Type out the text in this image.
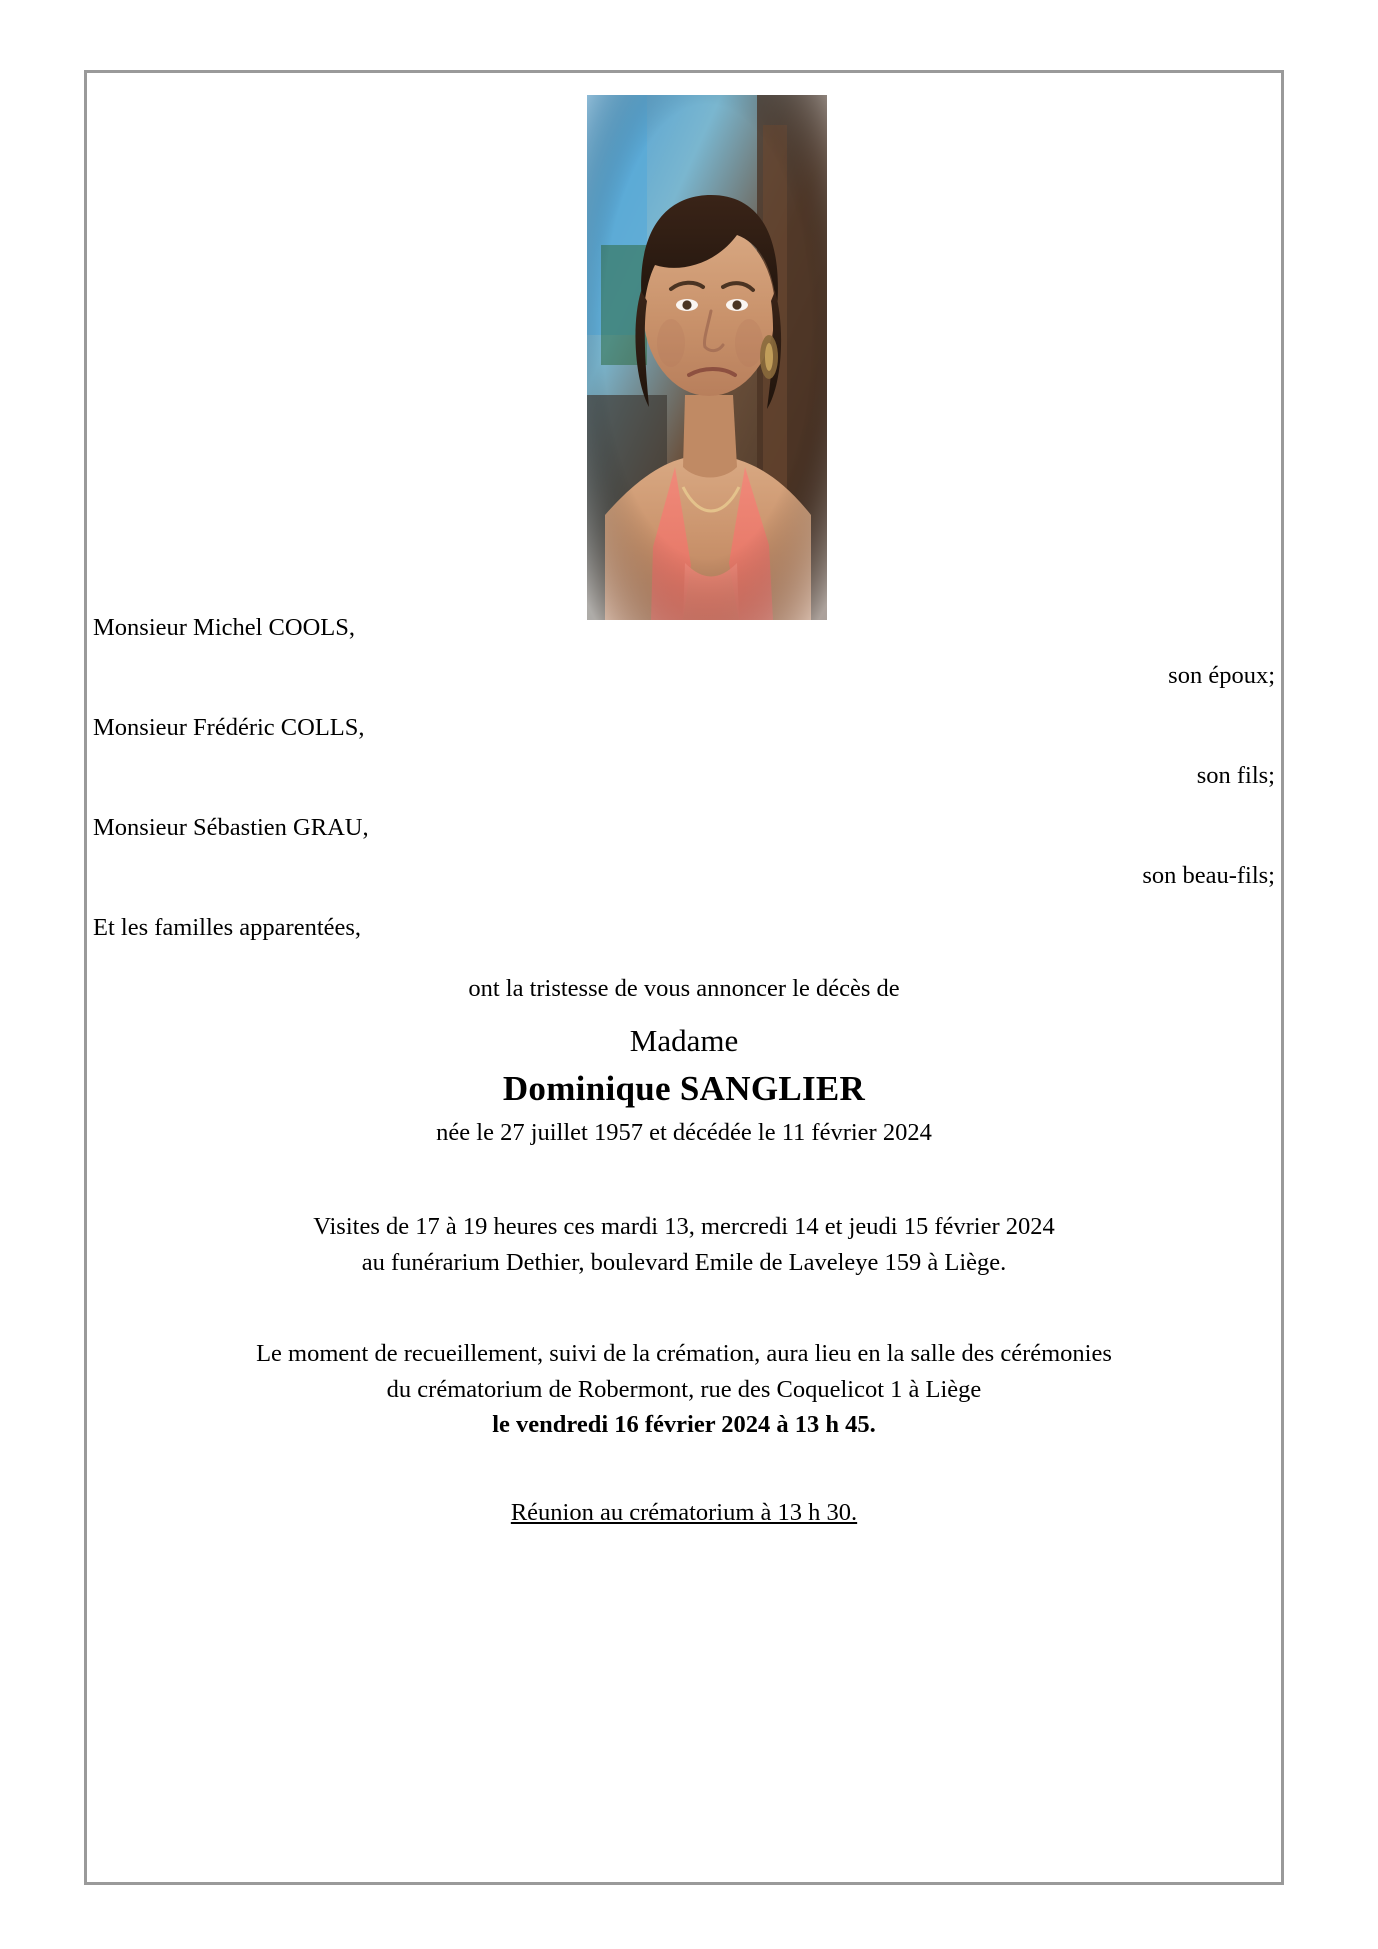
Monsieur Michel COOLS,
son époux;
Monsieur Frédéric COLLS,
son fils;
Monsieur Sébastien GRAU,
son beau-fils;
Et les familles apparentées,
ont la tristesse de vous annoncer le décès de
Madame
Dominique SANGLIER
née le 27 juillet 1957 et décédée le 11 février 2024
Visites de 17 à 19 heures ces mardi 13, mercredi 14 et jeudi 15 février 2024
au funérarium Dethier, boulevard Emile de Laveleye 159 à Liège.
Le moment de recueillement, suivi de la crémation, aura lieu en la salle des cérémonies
du crématorium de Robermont, rue des Coquelicot 1 à Liège
le vendredi 16 février 2024 à 13 h 45.
Réunion au crématorium à 13 h 30.
